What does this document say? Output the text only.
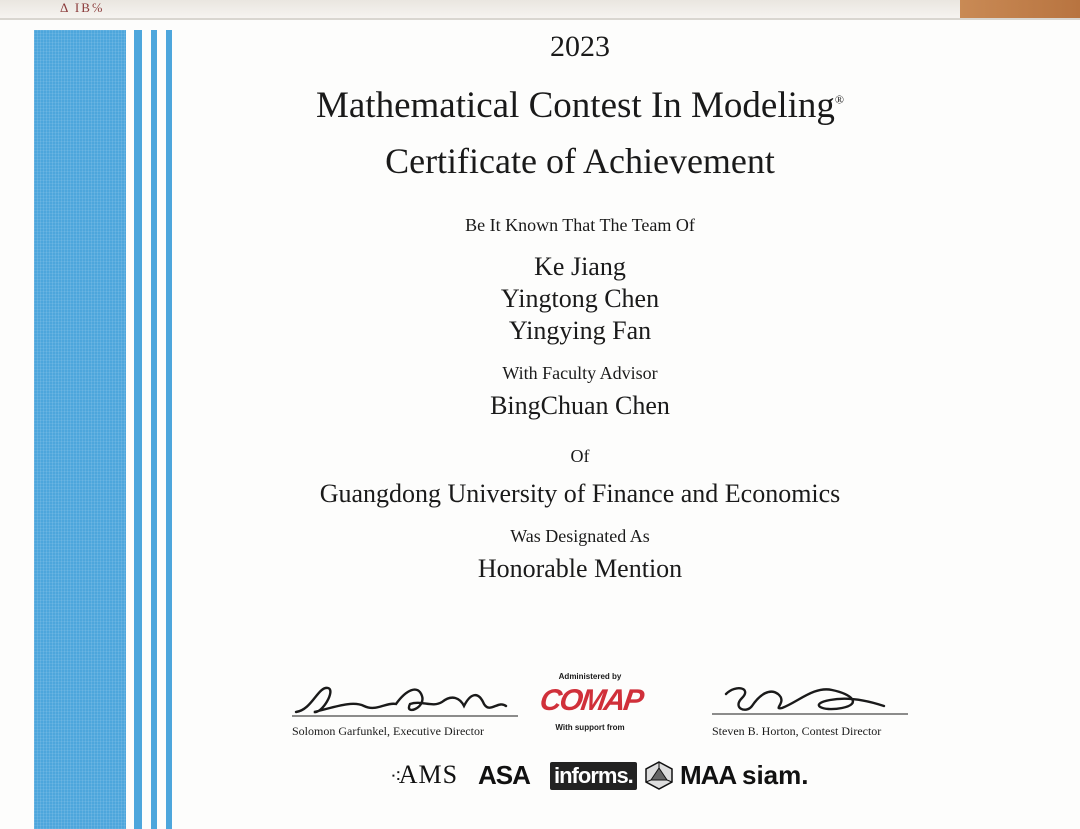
Δ ΙΒ℅
2023
Mathematical Contest In Modeling®
Certificate of Achievement
Be It Known That The Team Of
Ke Jiang
Yingtong Chen
Yingying Fan
With Faculty Advisor
BingChuan Chen
Of
Guangdong University of Finance and Economics
Was Designated As
Honorable Mention
Solomon Garfunkel, Executive Director
Administered by
COMAP
With support from	Steven B. Horton, Contest Director
⁖AMS ASA informs. MAA siam.
